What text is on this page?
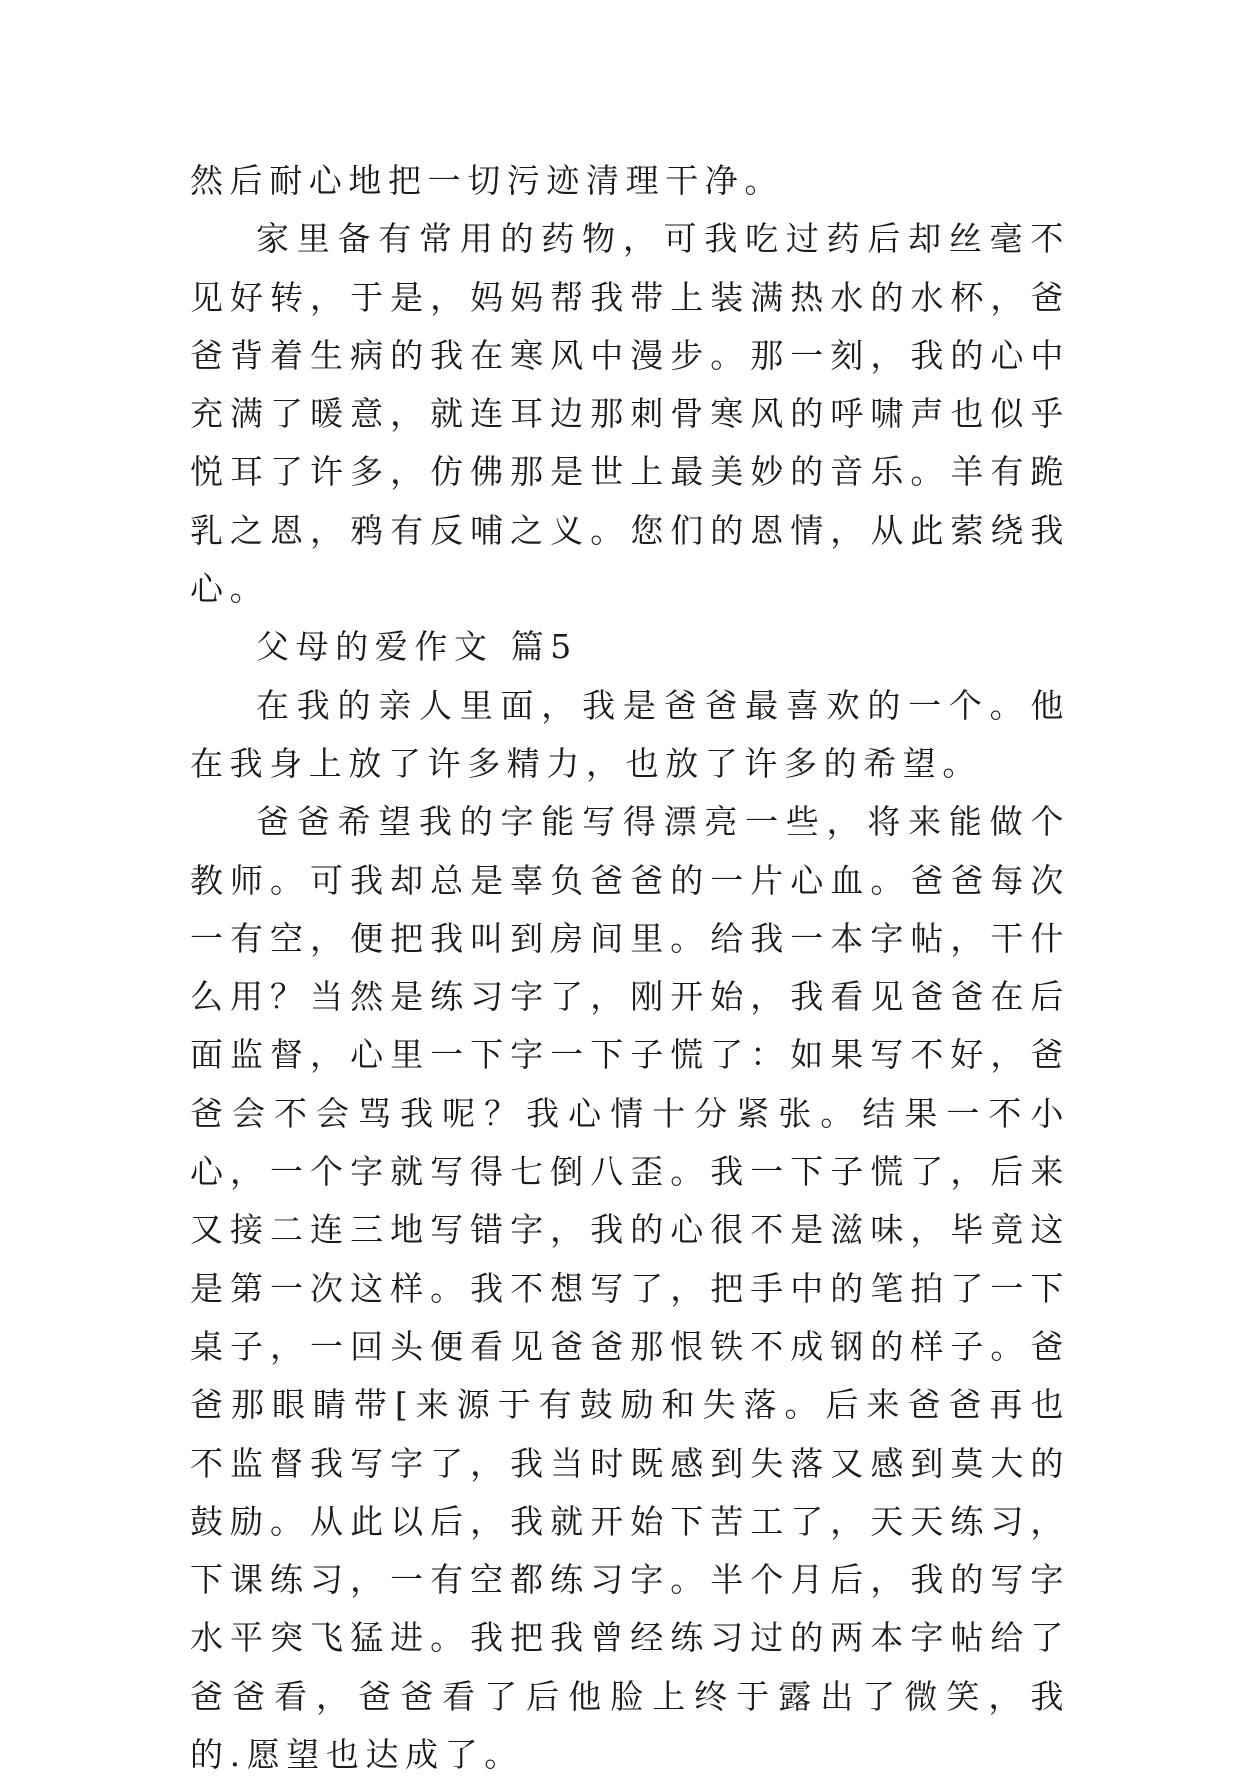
然后耐心地把一切污迹清理干净。

家里备有常用的药物，可我吃过药后却丝毫不见好转，于是，妈妈帮我带上装满热水的水杯，爸爸背着生病的我在寒风中漫步。那一刻，我的心中充满了暖意，就连耳边那刺骨寒风的呼啸声也似乎悦耳了许多，仿佛那是世上最美妙的音乐。羊有跪乳之恩，鸦有反哺之义。您们的恩情，从此萦绕我心。

父母的爱作文 篇5

在我的亲人里面，我是爸爸最喜欢的一个。他在我身上放了许多精力，也放了许多的希望。

爸爸希望我的字能写得漂亮一些，将来能做个教师。可我却总是辜负爸爸的一片心血。爸爸每次一有空，便把我叫到房间里。给我一本字帖，干什么用？当然是练习字了，刚开始，我看见爸爸在后面监督，心里一下字一下子慌了：如果写不好，爸爸会不会骂我呢？我心情十分紧张。结果一不小心，一个字就写得七倒八歪。我一下子慌了，后来又接二连三地写错字，我的心很不是滋味，毕竟这是第一次这样。我不想写了，把手中的笔拍了一下桌子，一回头便看见爸爸那恨铁不成钢的样子。爸爸那眼睛带[来源于有鼓励和失落。后来爸爸再也不监督我写字了，我当时既感到失落又感到莫大的鼓励。从此以后，我就开始下苦工了，天天练习，下课练习，一有空都练习字。半个月后，我的写字水平突飞猛进。我把我曾经练习过的两本字帖给了爸爸看，爸爸看了后他脸上终于露出了微笑，我的.愿望也达成了。
